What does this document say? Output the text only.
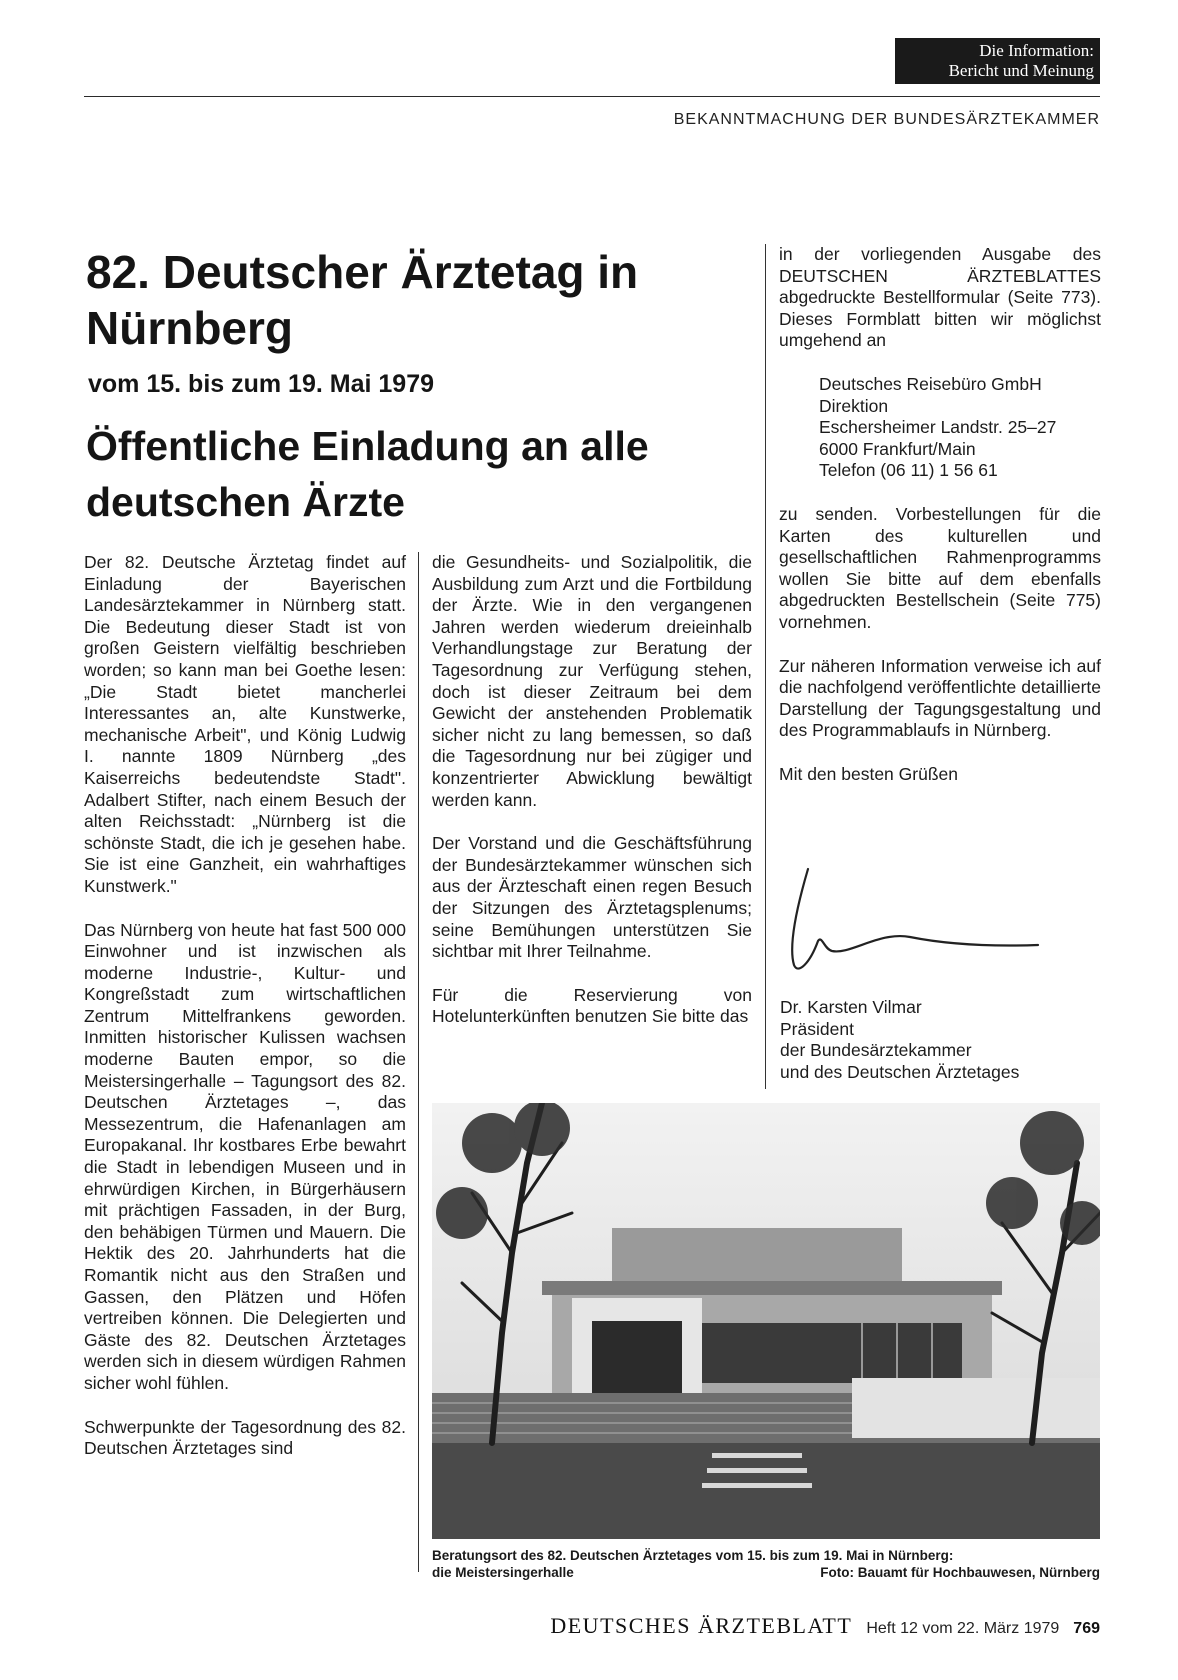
Die Information:
Bericht und Meinung
BEKANNTMACHUNG DER BUNDESÄRZTEKAMMER
82. Deutscher Ärztetag in Nürnberg
vom 15. bis zum 19. Mai 1979
Öffentliche Einladung an alle deutschen Ärzte

Der 82. Deutsche Ärztetag findet auf Einladung der Bayerischen Landesärztekammer in Nürnberg statt. Die Bedeutung dieser Stadt ist von großen Geistern vielfältig beschrieben worden; so kann man bei Goethe lesen: „Die Stadt bietet mancherlei Interessantes an, alte Kunstwerke, mechanische Arbeit", und König Ludwig I. nannte 1809 Nürnberg „des Kaiserreichs bedeutendste Stadt". Adalbert Stifter, nach einem Besuch der alten Reichsstadt: „Nürnberg ist die schönste Stadt, die ich je gesehen habe. Sie ist eine Ganzheit, ein wahrhaftiges Kunstwerk."

Das Nürnberg von heute hat fast 500 000 Einwohner und ist inzwischen als moderne Industrie-, Kultur- und Kongreßstadt zum wirtschaftlichen Zentrum Mittelfrankens geworden. Inmitten historischer Kulissen wachsen moderne Bauten empor, so die Meistersingerhalle – Tagungsort des 82. Deutschen Ärztetages –, das Messezentrum, die Hafenanlagen am Europakanal. Ihr kostbares Erbe bewahrt die Stadt in lebendigen Museen und in ehrwürdigen Kirchen, in Bürgerhäusern mit prächtigen Fassaden, in der Burg, den behäbigen Türmen und Mauern. Die Hektik des 20. Jahrhunderts hat die Romantik nicht aus den Straßen und Gassen, den Plätzen und Höfen vertreiben können. Die Delegierten und Gäste des 82. Deutschen Ärztetages werden sich in diesem würdigen Rahmen sicher wohl fühlen.

Schwerpunkte der Tagesordnung des 82. Deutschen Ärztetages sind

die Gesundheits- und Sozialpolitik, die Ausbildung zum Arzt und die Fortbildung der Ärzte. Wie in den vergangenen Jahren werden wiederum dreieinhalb Verhandlungstage zur Beratung der Tagesordnung zur Verfügung stehen, doch ist dieser Zeitraum bei dem Gewicht der anstehenden Problematik sicher nicht zu lang bemessen, so daß die Tagesordnung nur bei zügiger und konzentrierter Abwicklung bewältigt werden kann.

Der Vorstand und die Geschäftsführung der Bundesärztekammer wünschen sich aus der Ärzteschaft einen regen Besuch der Sitzungen des Ärztetagsplenums; seine Bemühungen unterstützen Sie sichtbar mit Ihrer Teilnahme.

Für die Reservierung von Hotelunterkünften benutzen Sie bitte das

in der vorliegenden Ausgabe des DEUTSCHEN ÄRZTEBLATTES abgedruckte Bestellformular (Seite 773). Dieses Formblatt bitten wir möglichst umgehend an

Deutsches Reisebüro GmbH
Direktion
Eschersheimer Landstr. 25–27
6000 Frankfurt/Main
Telefon (06 11) 1 56 61

zu senden. Vorbestellungen für die Karten des kulturellen und gesellschaftlichen Rahmenprogramms wollen Sie bitte auf dem ebenfalls abgedruckten Bestellschein (Seite 775) vornehmen.

Zur näheren Information verweise ich auf die nachfolgend veröffentlichte detaillierte Darstellung der Tagungsgestaltung und des Programmablaufs in Nürnberg.

Mit den besten Grüßen

Dr. Karsten Vilmar
Präsident
der Bundesärztekammer
und des Deutschen Ärztetages
Beratungsort des 82. Deutschen Ärztetages vom 15. bis zum 19. Mai in Nürnberg:
die Meistersingerhalle	Foto: Bauamt für Hochbauwesen, Nürnberg
DEUTSCHES ÄRZTEBLATT Heft 12 vom 22. März 1979 769
